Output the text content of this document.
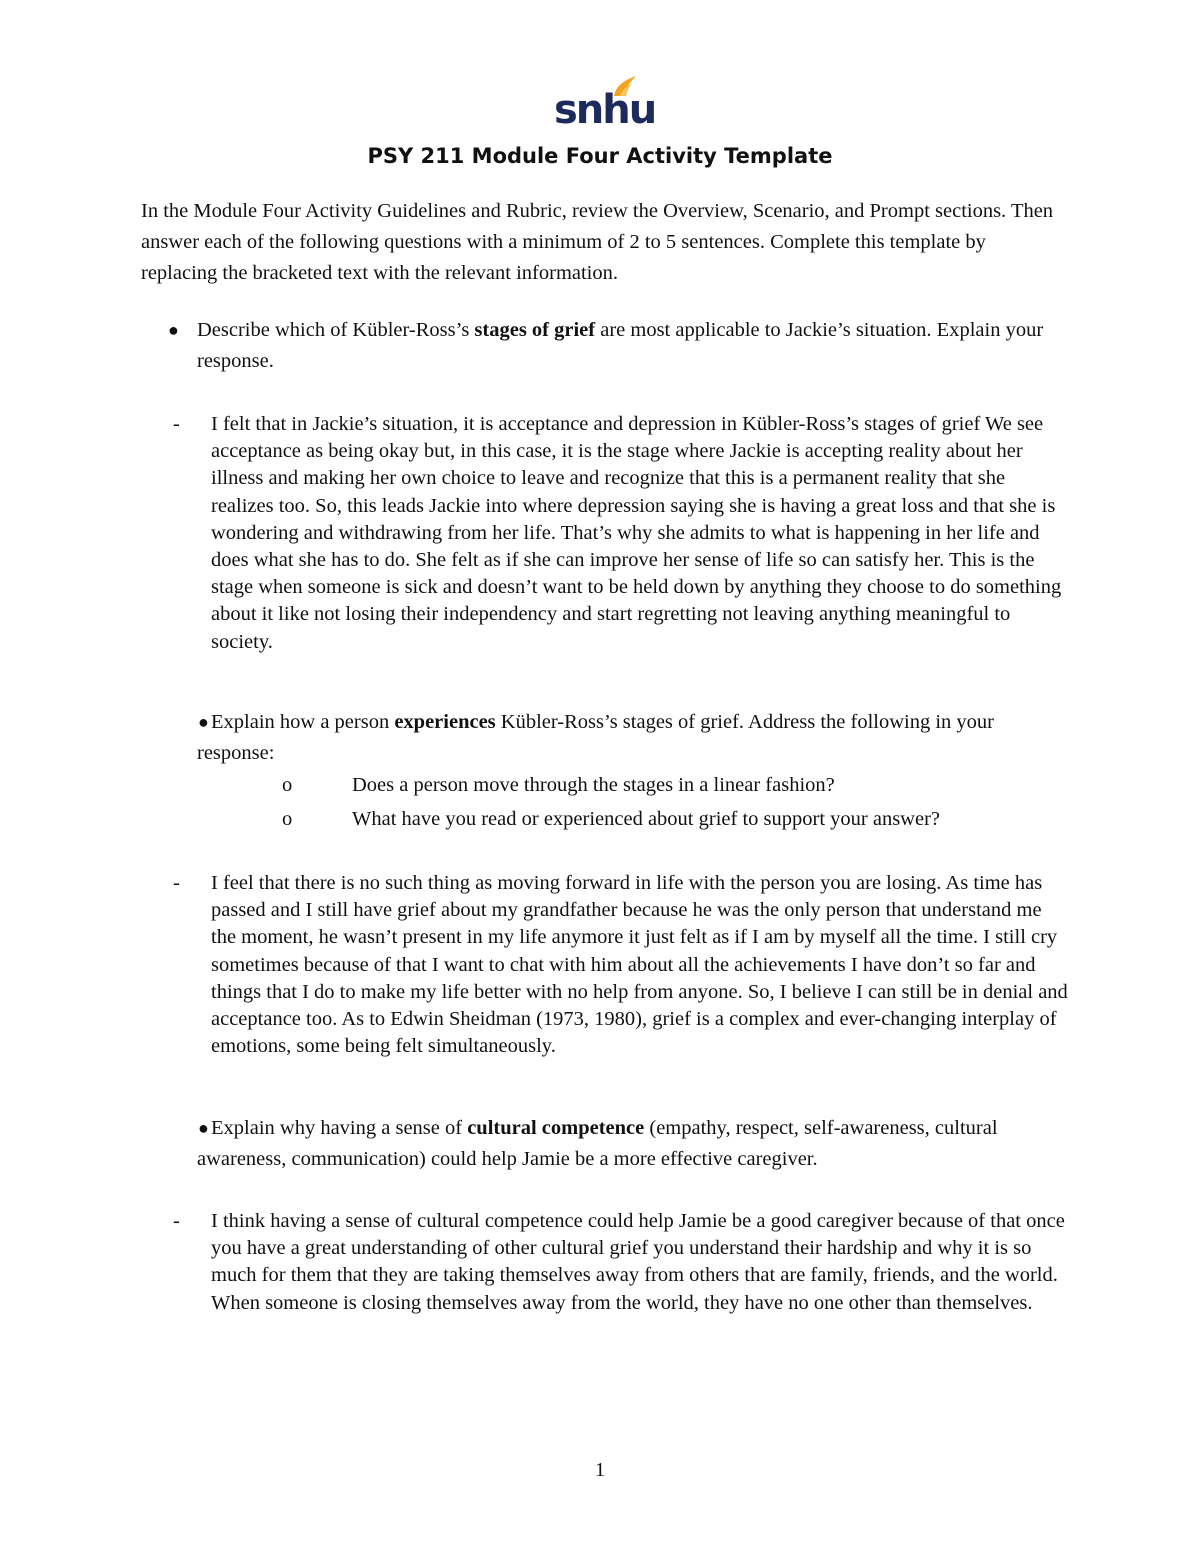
snhu
PSY 211 Module Four Activity Template
In the Module Four Activity Guidelines and Rubric, review the Overview, Scenario, and Prompt sections. Then answer each of the following questions with a minimum of 2 to 5 sentences. Complete this template by replacing the bracketed text with the relevant information.
● Describe which of Kübler-Ross’s stages of grief are most applicable to Jackie’s situation. Explain your response.
- I felt that in Jackie’s situation, it is acceptance and depression in Kübler-Ross’s stages of grief We see acceptance as being okay but, in this case, it is the stage where Jackie is accepting reality about her illness and making her own choice to leave and recognize that this is a permanent reality that she realizes too. So, this leads Jackie into where depression saying she is having a great loss and that she is wondering and withdrawing from her life. That’s why she admits to what is happening in her life and does what she has to do. She felt as if she can improve her sense of life so can satisfy her. This is the stage when someone is sick and doesn’t want to be held down by anything they choose to do something about it like not losing their independency and start regretting not leaving anything meaningful to society.
● Explain how a person experiences Kübler-Ross’s stages of grief. Address the following in your response:
o	Does a person move through the stages in a linear fashion?
o	What have you read or experienced about grief to support your answer?
- I feel that there is no such thing as moving forward in life with the person you are losing. As time has passed and I still have grief about my grandfather because he was the only person that understand me the moment, he wasn’t present in my life anymore it just felt as if I am by myself all the time. I still cry sometimes because of that I want to chat with him about all the achievements I have don’t so far and things that I do to make my life better with no help from anyone. So, I believe I can still be in denial and acceptance too. As to Edwin Sheidman (1973, 1980), grief is a complex and ever-changing interplay of emotions, some being felt simultaneously.
● Explain why having a sense of cultural competence (empathy, respect, self-awareness, cultural awareness, communication) could help Jamie be a more effective caregiver.
- I think having a sense of cultural competence could help Jamie be a good caregiver because of that once you have a great understanding of other cultural grief you understand their hardship and why it is so much for them that they are taking themselves away from others that are family, friends, and the world. When someone is closing themselves away from the world, they have no one other than themselves.
1
